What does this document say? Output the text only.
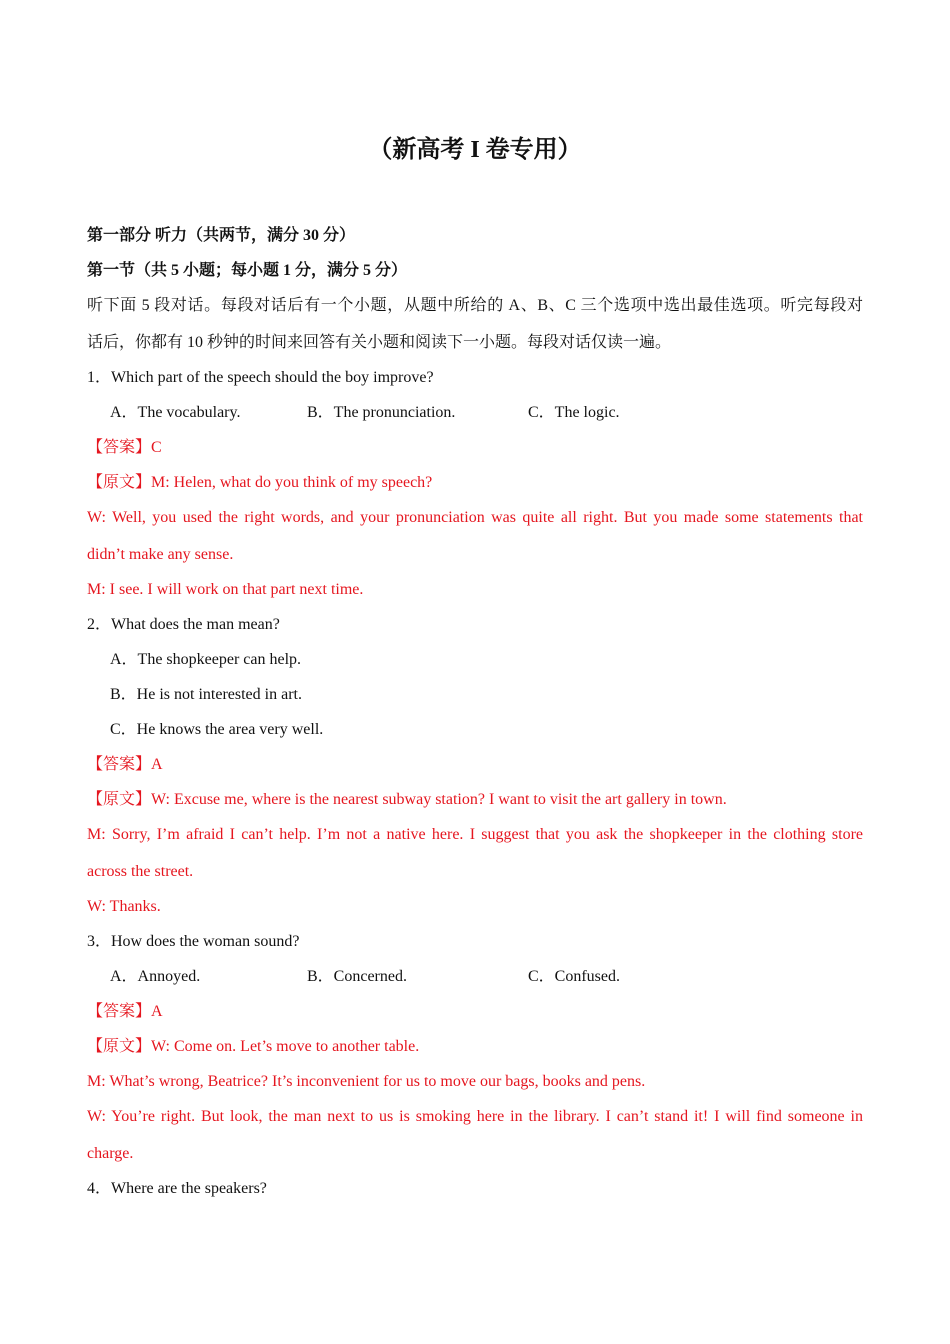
（新高考 I 卷专用）
第一部分 听力（共两节，满分 30 分）
第一节（共 5 小题；每小题 1 分，满分 5 分）
听下面 5 段对话。每段对话后有一个小题，从题中所给的 A、B、C 三个选项中选出最佳选项。听完每段对
话后，你都有 10 秒钟的时间来回答有关小题和阅读下一小题。每段对话仅读一遍。
1．Which part of the speech should the boy improve?
A．The vocabulary.	B．The pronunciation.	C．The logic.
【答案】C
【原文】M: Helen, what do you think of my speech?
W: Well, you used the right words, and your pronunciation was quite all right. But you made some statements that
didn’t make any sense.
M: I see. I will work on that part next time.
2．What does the man mean?
A．The shopkeeper can help.
B．He is not interested in art.
C．He knows the area very well.
【答案】A
【原文】W: Excuse me, where is the nearest subway station? I want to visit the art gallery in town.
M: Sorry, I’m afraid I can’t help. I’m not a native here. I suggest that you ask the shopkeeper in the clothing store
across the street.
W: Thanks.
3．How does the woman sound?
A．Annoyed.	B．Concerned.	C．Confused.
【答案】A
【原文】W: Come on. Let’s move to another table.
M: What’s wrong, Beatrice? It’s inconvenient for us to move our bags, books and pens.
W: You’re right. But look, the man next to us is smoking here in the library. I can’t stand it! I will find someone in
charge.
4．Where are the speakers?
